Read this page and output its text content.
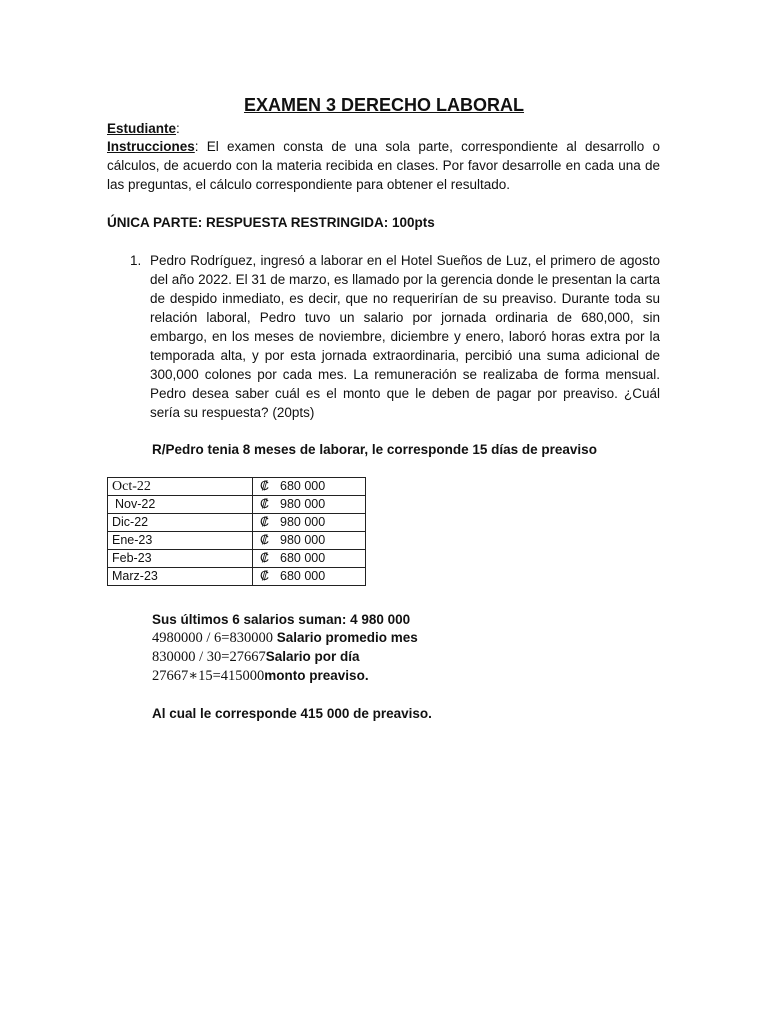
EXAMEN 3 DERECHO LABORAL
Estudiante:
Instrucciones: El examen consta de una sola parte, correspondiente al desarrollo o cálculos, de acuerdo con la materia recibida en clases. Por favor desarrolle en cada una de las preguntas, el cálculo correspondiente para obtener el resultado.
ÚNICA PARTE: RESPUESTA RESTRINGIDA: 100pts
1. Pedro Rodríguez, ingresó a laborar en el Hotel Sueños de Luz, el primero de agosto del año 2022. El 31 de marzo, es llamado por la gerencia donde le presentan la carta de despido inmediato, es decir, que no requerirían de su preaviso. Durante toda su relación laboral, Pedro tuvo un salario por jornada ordinaria de 680,000, sin embargo, en los meses de noviembre, diciembre y enero, laboró horas extra por la temporada alta, y por esta jornada extraordinaria, percibió una suma adicional de 300,000 colones por cada mes. La remuneración se realizaba de forma mensual. Pedro desea saber cuál es el monto que le deben de pagar por preaviso. ¿Cuál sería su respuesta? (20pts)
R/Pedro tenia 8 meses de laborar, le corresponde 15 días de preaviso
Oct-22	₡ 680 000
Nov-22	₡ 980 000
Dic-22	₡ 980 000
Ene-23	₡ 980 000
Feb-23	₡ 680 000
Marz-23	₡ 680 000
Sus últimos 6 salarios suman: 4 980 000
4980000 / 6=830000 Salario promedio mes
830000 / 30=27667Salario por día
27667∗15=415000monto preaviso.
Al cual le corresponde 415 000 de preaviso.
